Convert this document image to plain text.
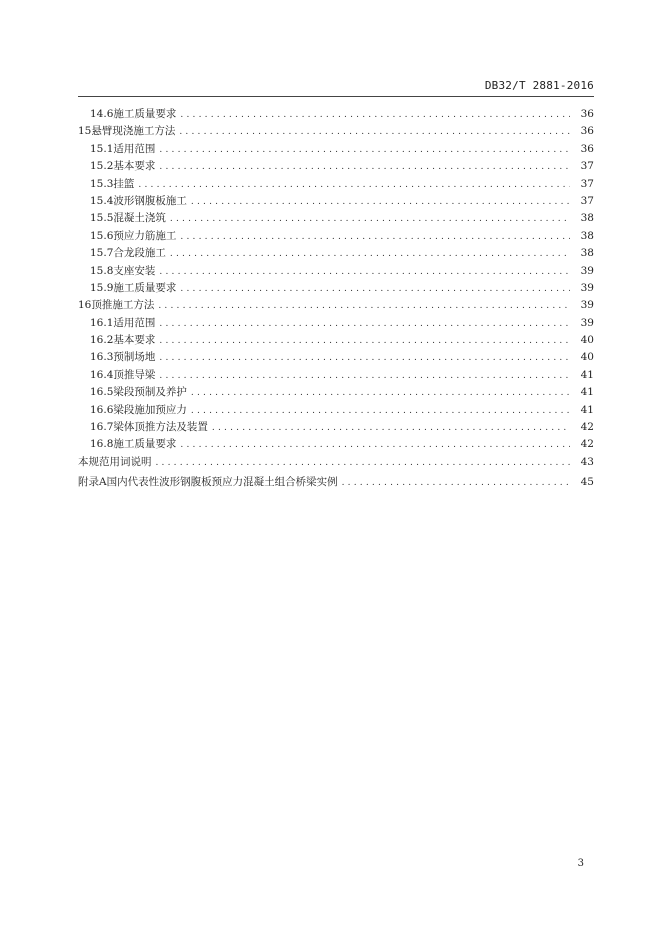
DB32/T 2881-2016
14.6 施工质量要求 .....	36
15 悬臂现浇施工方法 .....	36
15.1 适用范围 .....	36
15.2 基本要求 .....	37
15.3 挂篮 .....	37
15.4 波形钢腹板施工 .....	37
15.5 混凝土浇筑 .....	38
15.6 预应力筋施工 .....	38
15.7 合龙段施工 .....	38
15.8 支座安装 .....	39
15.9 施工质量要求 .....	39
16 顶推施工方法 .....	39
16.1 适用范围 .....	39
16.2 基本要求 .....	40
16.3 预制场地 .....	40
16.4 顶推导梁 .....	41
16.5 梁段预制及养护 .....	41
16.6 梁段施加预应力 .....	41
16.7 梁体顶推方法及装置 .....	42
16.8 施工质量要求 .....	42
本规范用词说明 .....	43
附录A 国内代表性波形钢腹板预应力混凝土组合桥梁实例 .....	45
3
